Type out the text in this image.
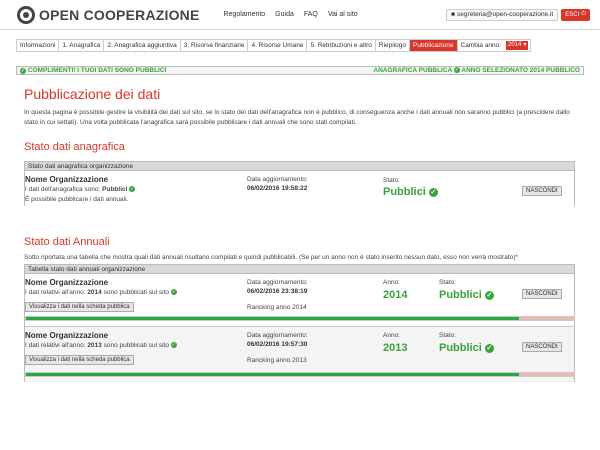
OPEN COOPERAZIONE	Regolamento Guida FAQ Vai al sito	■ segreteria@open-cooperazione.it ESCI ⏻
Informazioni	1. Anagrafica	2. Anagrafica aggiuntiva	3. Risorse finanziarie	4. Risorse Umane	5. Retribuzioni e altro	Riepilogo	Pubblicazione	Cambia anno:	2014 ▾
✓
COMPLIMENTI! I TUOI DATI SONO PUBBLICI	ANAGRAFICA PUBBLICA ✓ ANNO SELEZIONATO 2014 PUBBLICO
Pubblicazione dei dati
In questa pagina è possibile gestire la visibilità dei dati sul sito, se lo stato dei dati dell'anagrafica non è pubblico, di conseguenza anche i dati annuali non saranno pubblici (a prescidere dallo stato in cui settati). Una volta pubblicata l'anagrafica sarà possibile pubblicare i dati annuali che sono stati compilati.
Stato dati anagrafica
Stato dati anagrafica organizzazione
Nome Organizzazione
I dati dell'anagrafica sono: Pubblici ✓
È possibile pubblicare i dati annuali.
Data aggiornamento:
06/02/2016 19:58:22
Stato:
Pubblici ✓	NASCONDI
Stato dati Annuali
Sotto riportata una tabella che mostra quali dati annuali risultano compilati e quindi pubblicabili. (Se per un anno non è stato inserito nessun dato, esso non verrà mostrato)*
Tabella stato dati annuali organizzazione
Nome Organizzazione
I dati relativi all'anno: 2014 sono pubblicati sul sito ✓
Visualizza i dati nella scheda pubblica
Data aggiornamento:
06/02/2016 23:38:19
Rancking anno 2014
Anno:
2014
Stato:
Pubblici ✓	NASCONDI
Nome Organizzazione
I dati relativi all'anno: 2013 sono pubblicati sul sito ✓
Visualizza i dati nella scheda pubblica
Data aggiornamento:
06/02/2016 19:57:30
Rancking anno 2013
Anno:
2013
Stato:
Pubblici ✓	NASCONDI
